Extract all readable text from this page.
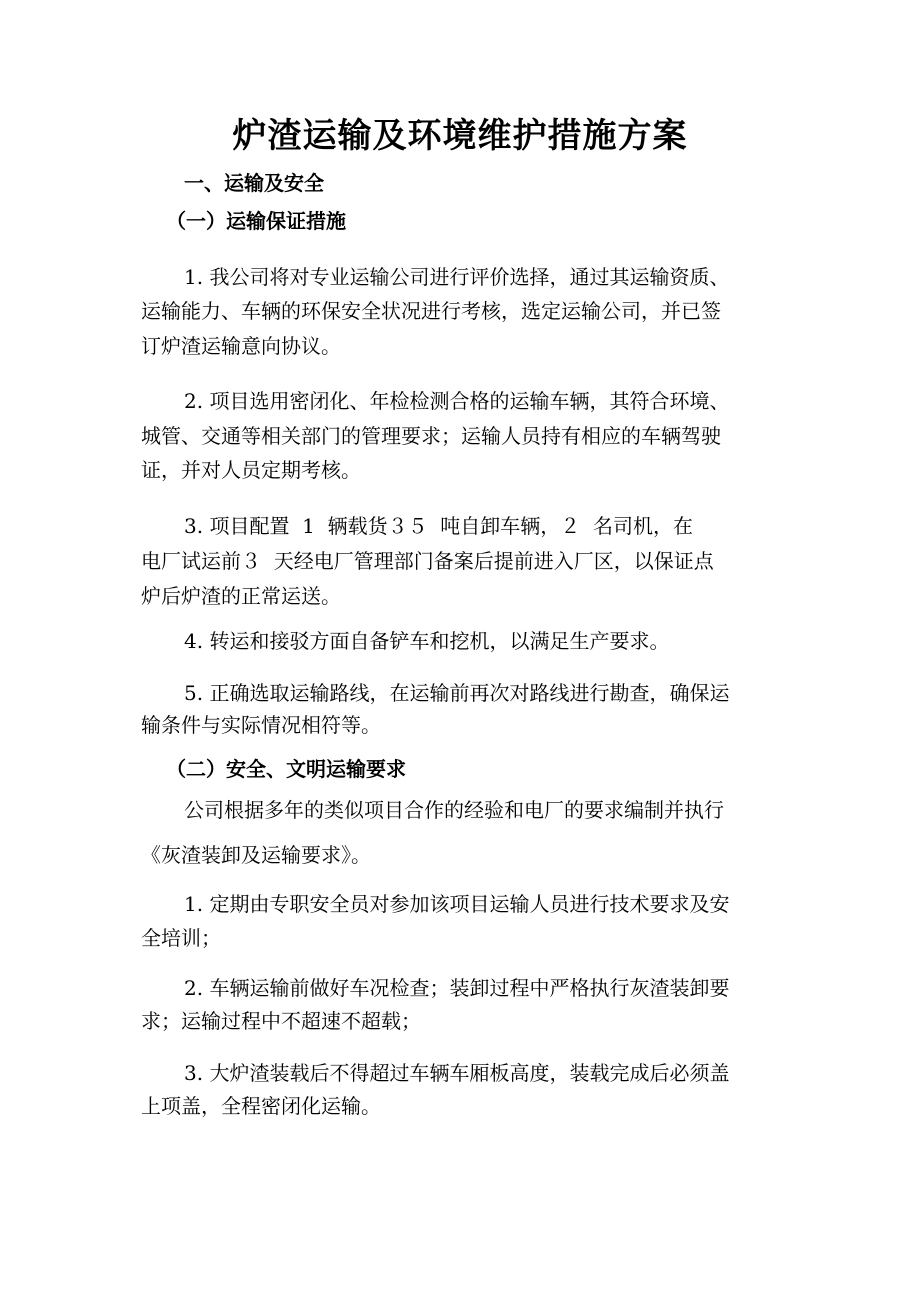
炉渣运输及环境维护措施方案
一、运输及安全
（一）运输保证措施
1. 我公司将对专业运输公司进行评价选择，通过其运输资质、
运输能力、车辆的环保安全状况进行考核，选定运输公司，并已签
订炉渣运输意向协议。
2. 项目选用密闭化、年检检测合格的运输车辆，其符合环境、
城管、交通等相关部门的管理要求；运输人员持有相应的车辆驾驶
证，并对人员定期考核。
3. 项目配置  1  辆载货３５  吨自卸车辆，２  名司机，在
电厂试运前３  天经电厂管理部门备案后提前进入厂区，以保证点
炉后炉渣的正常运送。
4. 转运和接驳方面自备铲车和挖机，以满足生产要求。
5. 正确选取运输路线，在运输前再次对路线进行勘查，确保运
输条件与实际情况相符等。
（二）安全、文明运输要求
公司根据多年的类似项目合作的经验和电厂的要求编制并执行
《灰渣装卸及运输要求》。
1. 定期由专职安全员对参加该项目运输人员进行技术要求及安
全培训；
2. 车辆运输前做好车况检查；装卸过程中严格执行灰渣装卸要
求；运输过程中不超速不超载；
3. 大炉渣装载后不得超过车辆车厢板高度，装载完成后必须盖
上项盖，全程密闭化运输。
